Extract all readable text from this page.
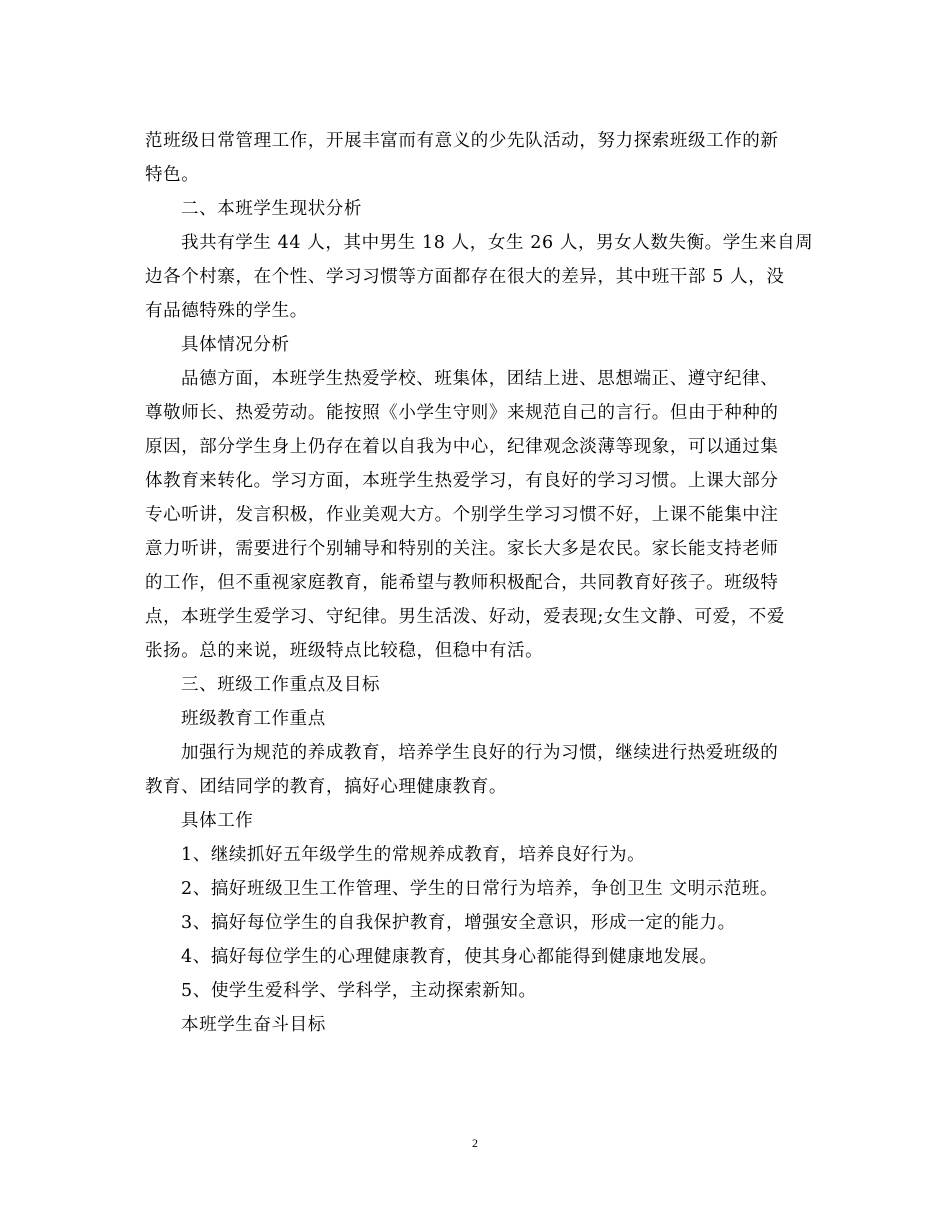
范班级日常管理工作，开展丰富而有意义的少先队活动，努力探索班级工作的新
特色。
二、本班学生现状分析
我共有学生 44 人，其中男生 18 人，女生 26 人，男女人数失衡。学生来自周
边各个村寨，在个性、学习习惯等方面都存在很大的差异，其中班干部 5 人，没
有品德特殊的学生。
具体情况分析
品德方面，本班学生热爱学校、班集体，团结上进、思想端正、遵守纪律、
尊敬师长、热爱劳动。能按照《小学生守则》来规范自己的言行。但由于种种的
原因，部分学生身上仍存在着以自我为中心，纪律观念淡薄等现象，可以通过集
体教育来转化。学习方面，本班学生热爱学习，有良好的学习习惯。上课大部分
专心听讲，发言积极，作业美观大方。个别学生学习习惯不好，上课不能集中注
意力听讲，需要进行个别辅导和特别的关注。家长大多是农民。家长能支持老师
的工作，但不重视家庭教育，能希望与教师积极配合，共同教育好孩子。班级特
点，本班学生爱学习、守纪律。男生活泼、好动，爱表现;女生文静、可爱，不爱
张扬。总的来说，班级特点比较稳，但稳中有活。
三、班级工作重点及目标
班级教育工作重点
加强行为规范的养成教育，培养学生良好的行为习惯，继续进行热爱班级的
教育、团结同学的教育，搞好心理健康教育。
具体工作
1、继续抓好五年级学生的常规养成教育，培养良好行为。
2、搞好班级卫生工作管理、学生的日常行为培养，争创卫生 文明示范班。
3、搞好每位学生的自我保护教育，增强安全意识，形成一定的能力。
4、搞好每位学生的心理健康教育，使其身心都能得到健康地发展。
5、使学生爱科学、学科学，主动探索新知。
本班学生奋斗目标
2
